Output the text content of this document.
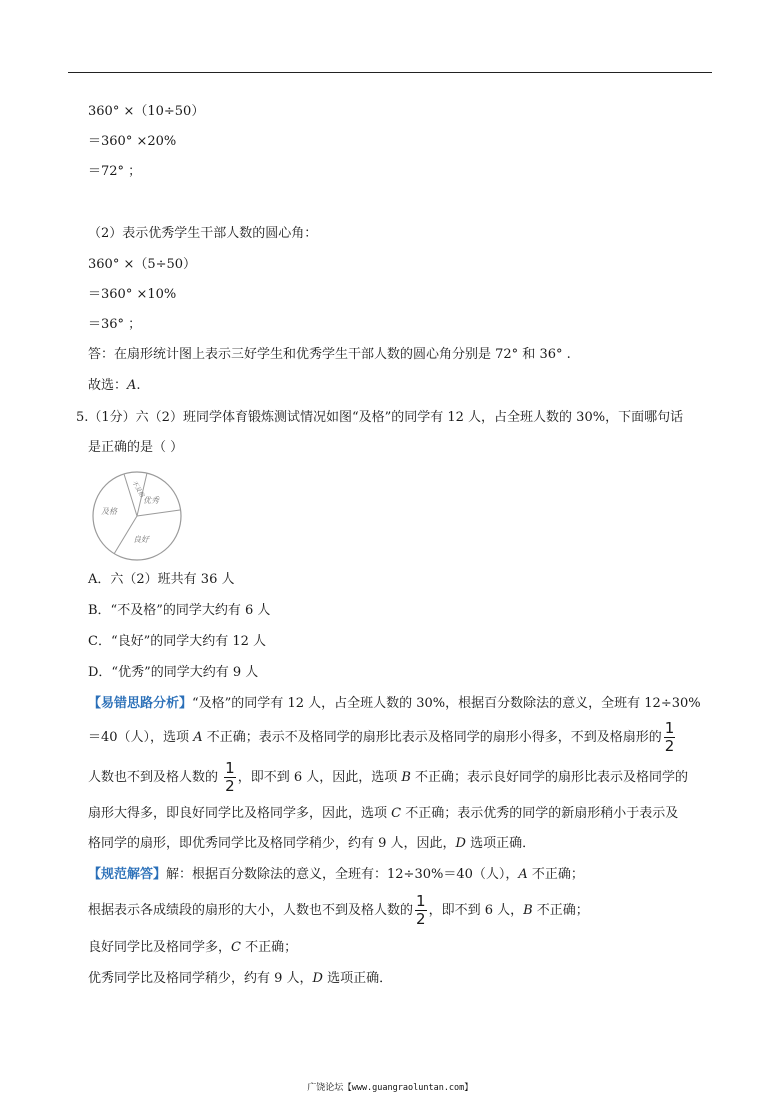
360° ×（10÷50）
＝360° ×20%
＝72° ；
（2）表示优秀学生干部人数的圆心角：
360° ×（5÷50）
＝360° ×10%
＝36° ；
答：在扇形统计图上表示三好学生和优秀学生干部人数的圆心角分别是 72° 和 36° .
故选：A.
5.（1分）六（2）班同学体育锻炼测试情况如图“及格”的同学有 12 人，占全班人数的 30%，下面哪句话
是正确的是（ ）
不及格
优秀
及格
良好
A．六（2）班共有 36 人
B．“不及格”的同学大约有 6 人
C．“良好”的同学大约有 12 人
D．“优秀”的同学大约有 9 人
【易错思路分析】“及格”的同学有 12 人，占全班人数的 30%，根据百分数除法的意义，全班有 12÷30%
＝40（人），选项 A 不正确；表示不及格同学的扇形比表示及格同学的扇形小得多，不到及格扇形的 $\frac{1}{2}$
人数也不到及格人数的 $\frac{1}{2}$ ，即不到 6 人，因此，选项 B 不正确；表示良好同学的扇形比表示及格同学的
扇形大得多，即良好同学比及格同学多，因此，选项 C 不正确；表示优秀的同学的新扇形稍小于表示及
格同学的扇形，即优秀同学比及格同学稍少，约有 9 人，因此，D 选项正确．
【规范解答】解：根据百分数除法的意义，全班有：12÷30%＝40（人），A 不正确；
根据表示各成绩段的扇形的大小，人数也不到及格人数的 $\frac{1}{2}$ ，即不到 6 人，B 不正确；
良好同学比及格同学多，C 不正确；
优秀同学比及格同学稍少，约有 9 人，D 选项正确．
广饶论坛【www.guangraoluntan.com】
